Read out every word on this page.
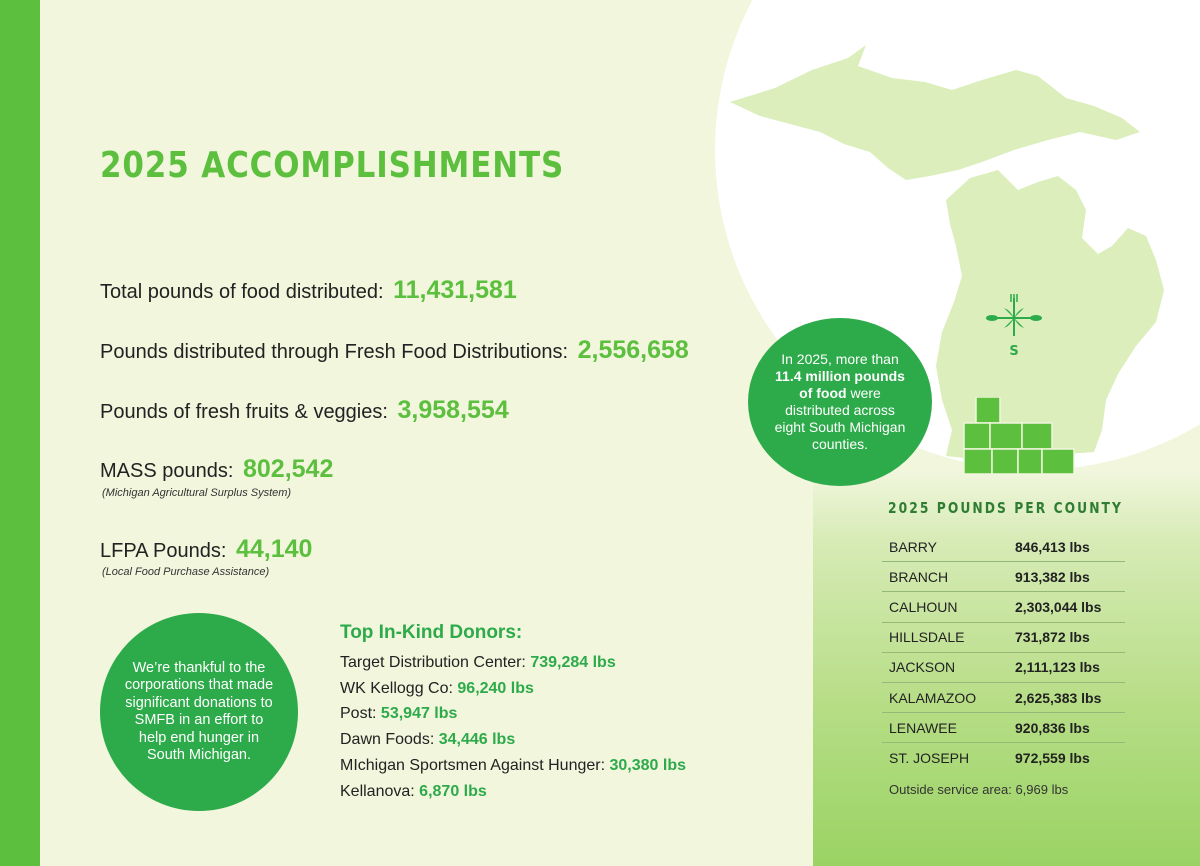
2025 ACCOMPLISHMENTS
Total pounds of food distributed: 11,431,581
Pounds distributed through Fresh Food Distributions: 2,556,658
Pounds of fresh fruits & veggies: 3,958,554
MASS pounds: 802,542
(Michigan Agricultural Surplus System)
LFPA Pounds: 44,140
(Local Food Purchase Assistance)
We’re thankful to the corporations that made significant donations to SMFB in an effort to help end hunger in South Michigan.
Top In-Kind Donors:
Target Distribution Center: 739,284 lbs
WK Kellogg Co: 96,240 lbs
Post: 53,947 lbs
Dawn Foods: 34,446 lbs
MIchigan Sportsmen Against Hunger: 30,380 lbs
Kellanova: 6,870 lbs
In 2025, more than 11.4 million pounds of food were distributed across eight South Michigan counties.
S
2025 POUNDS PER COUNTY
BARRY	846,413 lbs
BRANCH	913,382 lbs
CALHOUN	2,303,044 lbs
HILLSDALE	731,872 lbs
JACKSON	2,111,123 lbs
KALAMAZOO	2,625,383 lbs
LENAWEE	920,836 lbs
ST. JOSEPH	972,559 lbs
Outside service area: 6,969 lbs
